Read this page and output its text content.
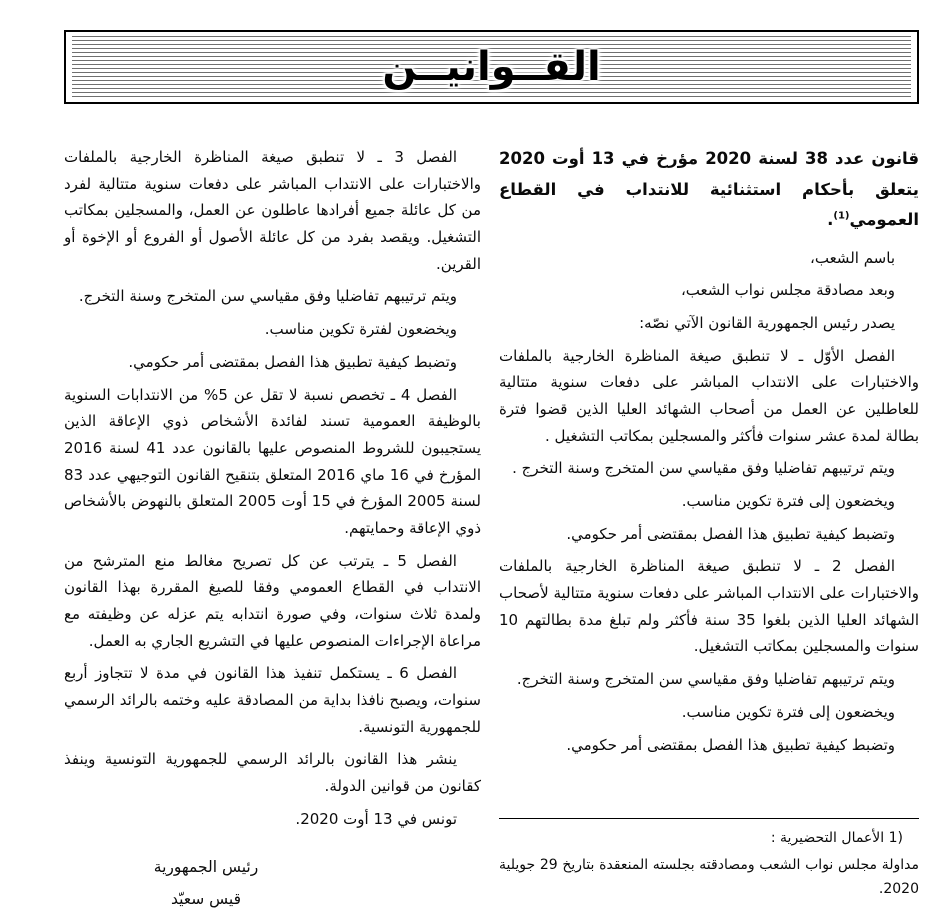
القــوانيــن

قانون عدد 38 لسنة 2020 مؤرخ في 13 أوت 2020 يتعلق بأحكام استثنائية للانتداب في القطاع العمومي$^{(1)}$.

باسم الشعب،

وبعد مصادقة مجلس نواب الشعب،

يصدر رئيس الجمهورية القانون الآتي نصّه:

الفصل الأوّل ـ لا تنطبق صيغة المناظرة الخارجية بالملفات والاختبارات على الانتداب المباشر على دفعات سنوية متتالية للعاطلين عن العمل من أصحاب الشهائد العليا الذين قضوا فترة بطالة لمدة عشر سنوات فأكثر والمسجلين بمكاتب التشغيل .

ويتم ترتيبهم تفاضليا وفق مقياسي سن المتخرج وسنة التخرج .

ويخضعون إلى فترة تكوين مناسب.

وتضبط كيفية تطبيق هذا الفصل بمقتضى أمر حكومي.

الفصل 2 ـ لا تنطبق صيغة المناظرة الخارجية بالملفات والاختبارات على الانتداب المباشر على دفعات سنوية متتالية لأصحاب الشهائد العليا الذين بلغوا 35 سنة فأكثر ولم تبلغ مدة بطالتهم 10 سنوات والمسجلين بمكاتب التشغيل.

ويتم ترتيبهم تفاضليا وفق مقياسي سن المتخرج وسنة التخرج.

ويخضعون إلى فترة تكوين مناسب.

وتضبط كيفية تطبيق هذا الفصل بمقتضى أمر حكومي.

1) الأعمال التحضيرية :

مداولة مجلس نواب الشعب ومصادقته بجلسته المنعقدة بتاريخ 29 جويلية 2020.

الفصل 3 ـ لا تنطبق صيغة المناظرة الخارجية بالملفات والاختبارات على الانتداب المباشر على دفعات سنوية متتالية لفرد من كل عائلة جميع أفرادها عاطلون عن العمل، والمسجلين بمكاتب التشغيل. ويقصد بفرد من كل عائلة الأصول أو الفروع أو الإخوة أو القرين.

ويتم ترتيبهم تفاضليا وفق مقياسي سن المتخرج وسنة التخرج.

ويخضعون لفترة تكوين مناسب.

وتضبط كيفية تطبيق هذا الفصل بمقتضى أمر حكومي.

الفصل 4 ـ تخصص نسبة لا تقل عن 5% من الانتدابات السنوية بالوظيفة العمومية تسند لفائدة الأشخاص ذوي الإعاقة الذين يستجيبون للشروط المنصوص عليها بالقانون عدد 41 لسنة 2016 المؤرخ في 16 ماي 2016 المتعلق بتنقيح القانون التوجيهي عدد 83 لسنة 2005 المؤرخ في 15 أوت 2005 المتعلق بالنهوض بالأشخاص ذوي الإعاقة وحمايتهم.

الفصل 5 ـ يترتب عن كل تصريح مغالط منع المترشح من الانتداب في القطاع العمومي وفقا للصيغ المقررة بهذا القانون ولمدة ثلاث سنوات، وفي صورة انتدابه يتم عزله عن وظيفته مع مراعاة الإجراءات المنصوص عليها في التشريع الجاري به العمل.

الفصل 6 ـ يستكمل تنفيذ هذا القانون في مدة لا تتجاوز أربع سنوات، ويصبح نافذا بداية من المصادقة عليه وختمه بالرائد الرسمي للجمهورية التونسية.

ينشر هذا القانون بالرائد الرسمي للجمهورية التونسية وينفذ كقانون من قوانين الدولة.

تونس في 13 أوت 2020.

رئيس الجمهورية

قيس سعيّد
